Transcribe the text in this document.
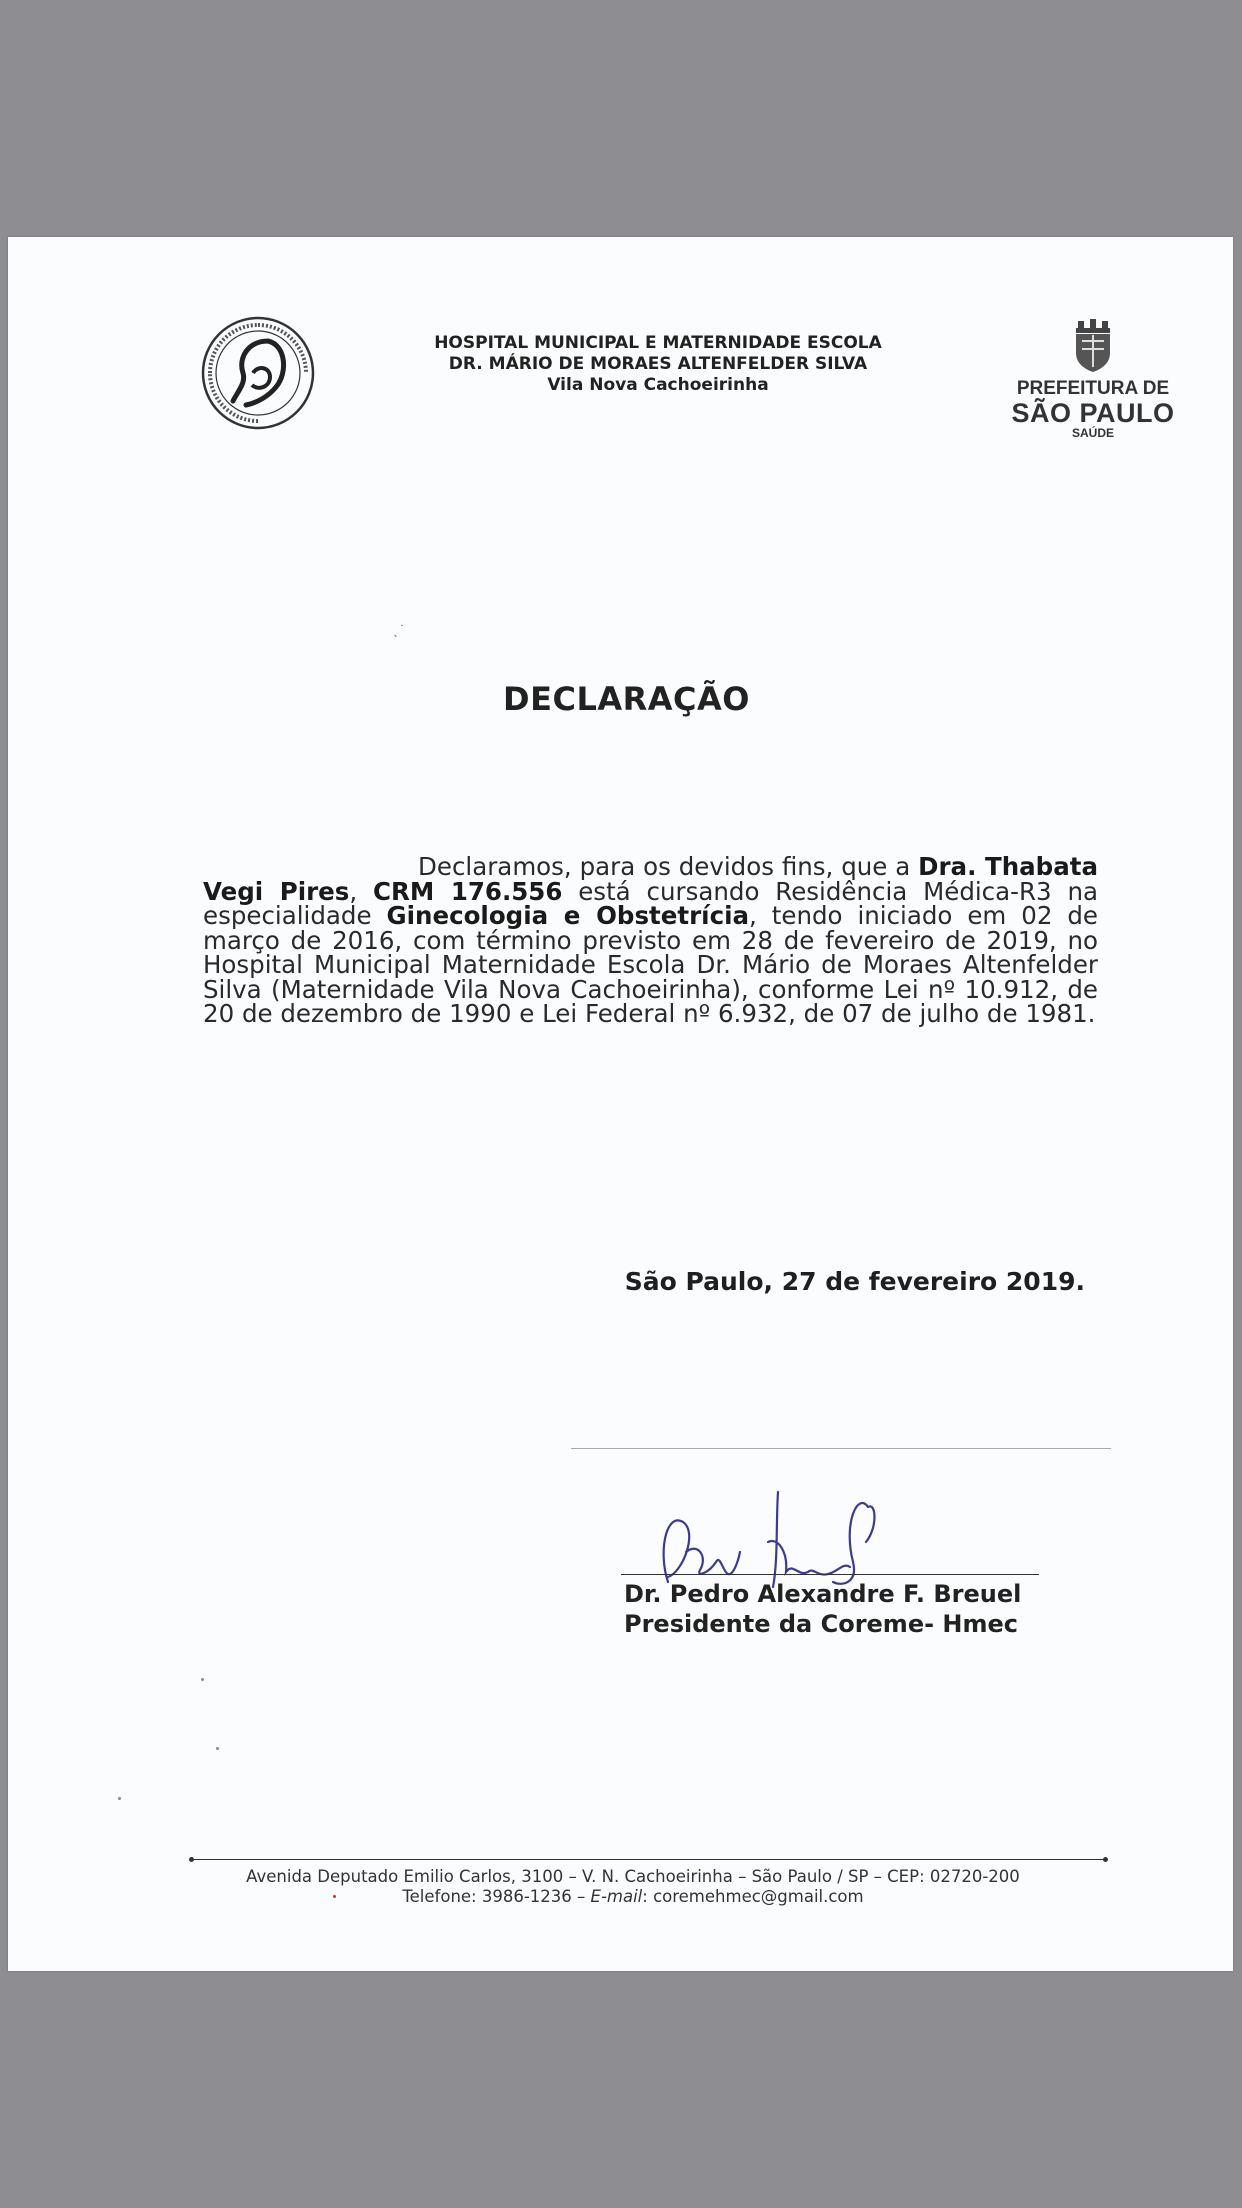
HOSPITAL MUNICIPAL E MATERNIDADE ESCOLA
DR. MÁRIO DE MORAES ALTENFELDER SILVA
Vila Nova Cachoeirinha	PREFEITURA DE
SÃO PAULO
SAÚDE
ˎ˙
DECLARAÇÃO
Declaramos, para os devidos fins, que a Dra. Thabata Vegi Pires, CRM 176.556 está cursando Residência Médica-R3 na especialidade Ginecologia e Obstetrícia, tendo iniciado em 02 de março de 2016, com término previsto em 28 de fevereiro de 2019, no Hospital Municipal Maternidade Escola Dr. Mário de Moraes Altenfelder Silva (Maternidade Vila Nova Cachoeirinha), conforme Lei nº 10.912, de 20 de dezembro de 1990 e Lei Federal nº 6.932, de 07 de julho de 1981.
São Paulo, 27 de fevereiro 2019.
Dr. Pedro Alexandre F. Breuel
Presidente da Coreme- Hmec
Avenida Deputado Emilio Carlos, 3100 – V. N. Cachoeirinha – São Paulo / SP – CEP: 02720-200
Telefone: 3986-1236 – E-mail: coremehmec@gmail.com
